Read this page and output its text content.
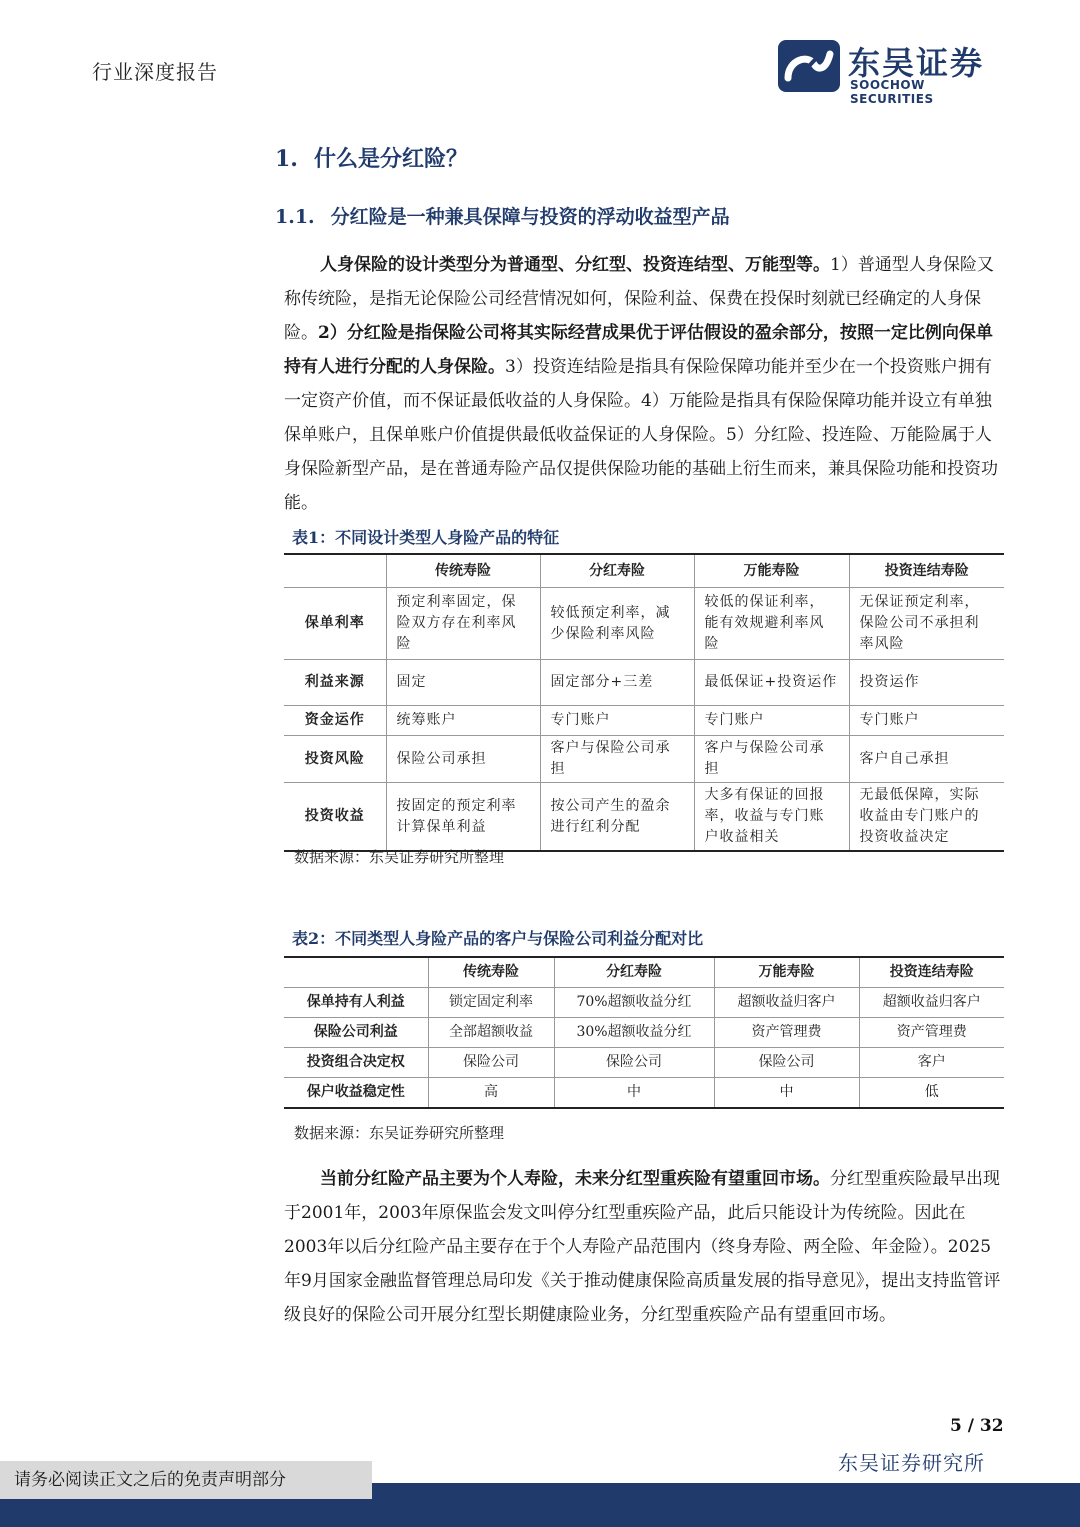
行业深度报告	东吴证券
SOOCHOW SECURITIES
1. 什么是分红险？
1.1. 分红险是一种兼具保障与投资的浮动收益型产品

人身保险的设计类型分为普通型、分红型、投资连结型、万能型等。1）普通型人身保险又称传统险，是指无论保险公司经营情况如何，保险利益、保费在投保时刻就已经确定的人身保险。2）分红险是指保险公司将其实际经营成果优于评估假设的盈余部分，按照一定比例向保单持有人进行分配的人身保险。3）投资连结险是指具有保险保障功能并至少在一个投资账户拥有一定资产价值，而不保证最低收益的人身保险。4）万能险是指具有保险保障功能并设立有单独保单账户，且保单账户价值提供最低收益保证的人身保险。5）分红险、投连险、万能险属于人身保险新型产品，是在普通寿险产品仅提供保险功能的基础上衍生而来，兼具保险功能和投资功能。

表1：不同设计类型人身险产品的特征
	传统寿险	分红寿险	万能寿险	投资连结寿险
保单利率	预定利率固定，保险双方存在利率风险	较低预定利率，减少保险利率风险	较低的保证利率，能有效规避利率风险	无保证预定利率，保险公司不承担利率风险
利益来源	固定	固定部分+三差	最低保证+投资运作	投资运作
资金运作	统筹账户	专门账户	专门账户	专门账户
投资风险	保险公司承担	客户与保险公司承担	客户与保险公司承担	客户自己承担
投资收益	按固定的预定利率计算保单利益	按公司产生的盈余进行红利分配	大多有保证的回报率，收益与专门账户收益相关	无最低保障，实际收益由专门账户的投资收益决定
数据来源：东吴证券研究所整理
表2：不同类型人身险产品的客户与保险公司利益分配对比
	传统寿险	分红寿险	万能寿险	投资连结寿险
保单持有人利益	锁定固定利率	70%超额收益分红	超额收益归客户	超额收益归客户
保险公司利益	全部超额收益	30%超额收益分红	资产管理费	资产管理费
投资组合决定权	保险公司	保险公司	保险公司	客户
保户收益稳定性	高	中	中	低
数据来源：东吴证券研究所整理

当前分红险产品主要为个人寿险，未来分红型重疾险有望重回市场。分红型重疾险最早出现于2001年，2003年原保监会发文叫停分红型重疾险产品，此后只能设计为传统险。因此在2003年以后分红险产品主要存在于个人寿险产品范围内（终身寿险、两全险、年金险）。2025年9月国家金融监督管理总局印发《关于推动健康保险高质量发展的指导意见》，提出支持监管评级良好的保险公司开展分红型长期健康险业务，分红型重疾险产品有望重回市场。

5 / 32
东吴证券研究所
请务必阅读正文之后的免责声明部分
